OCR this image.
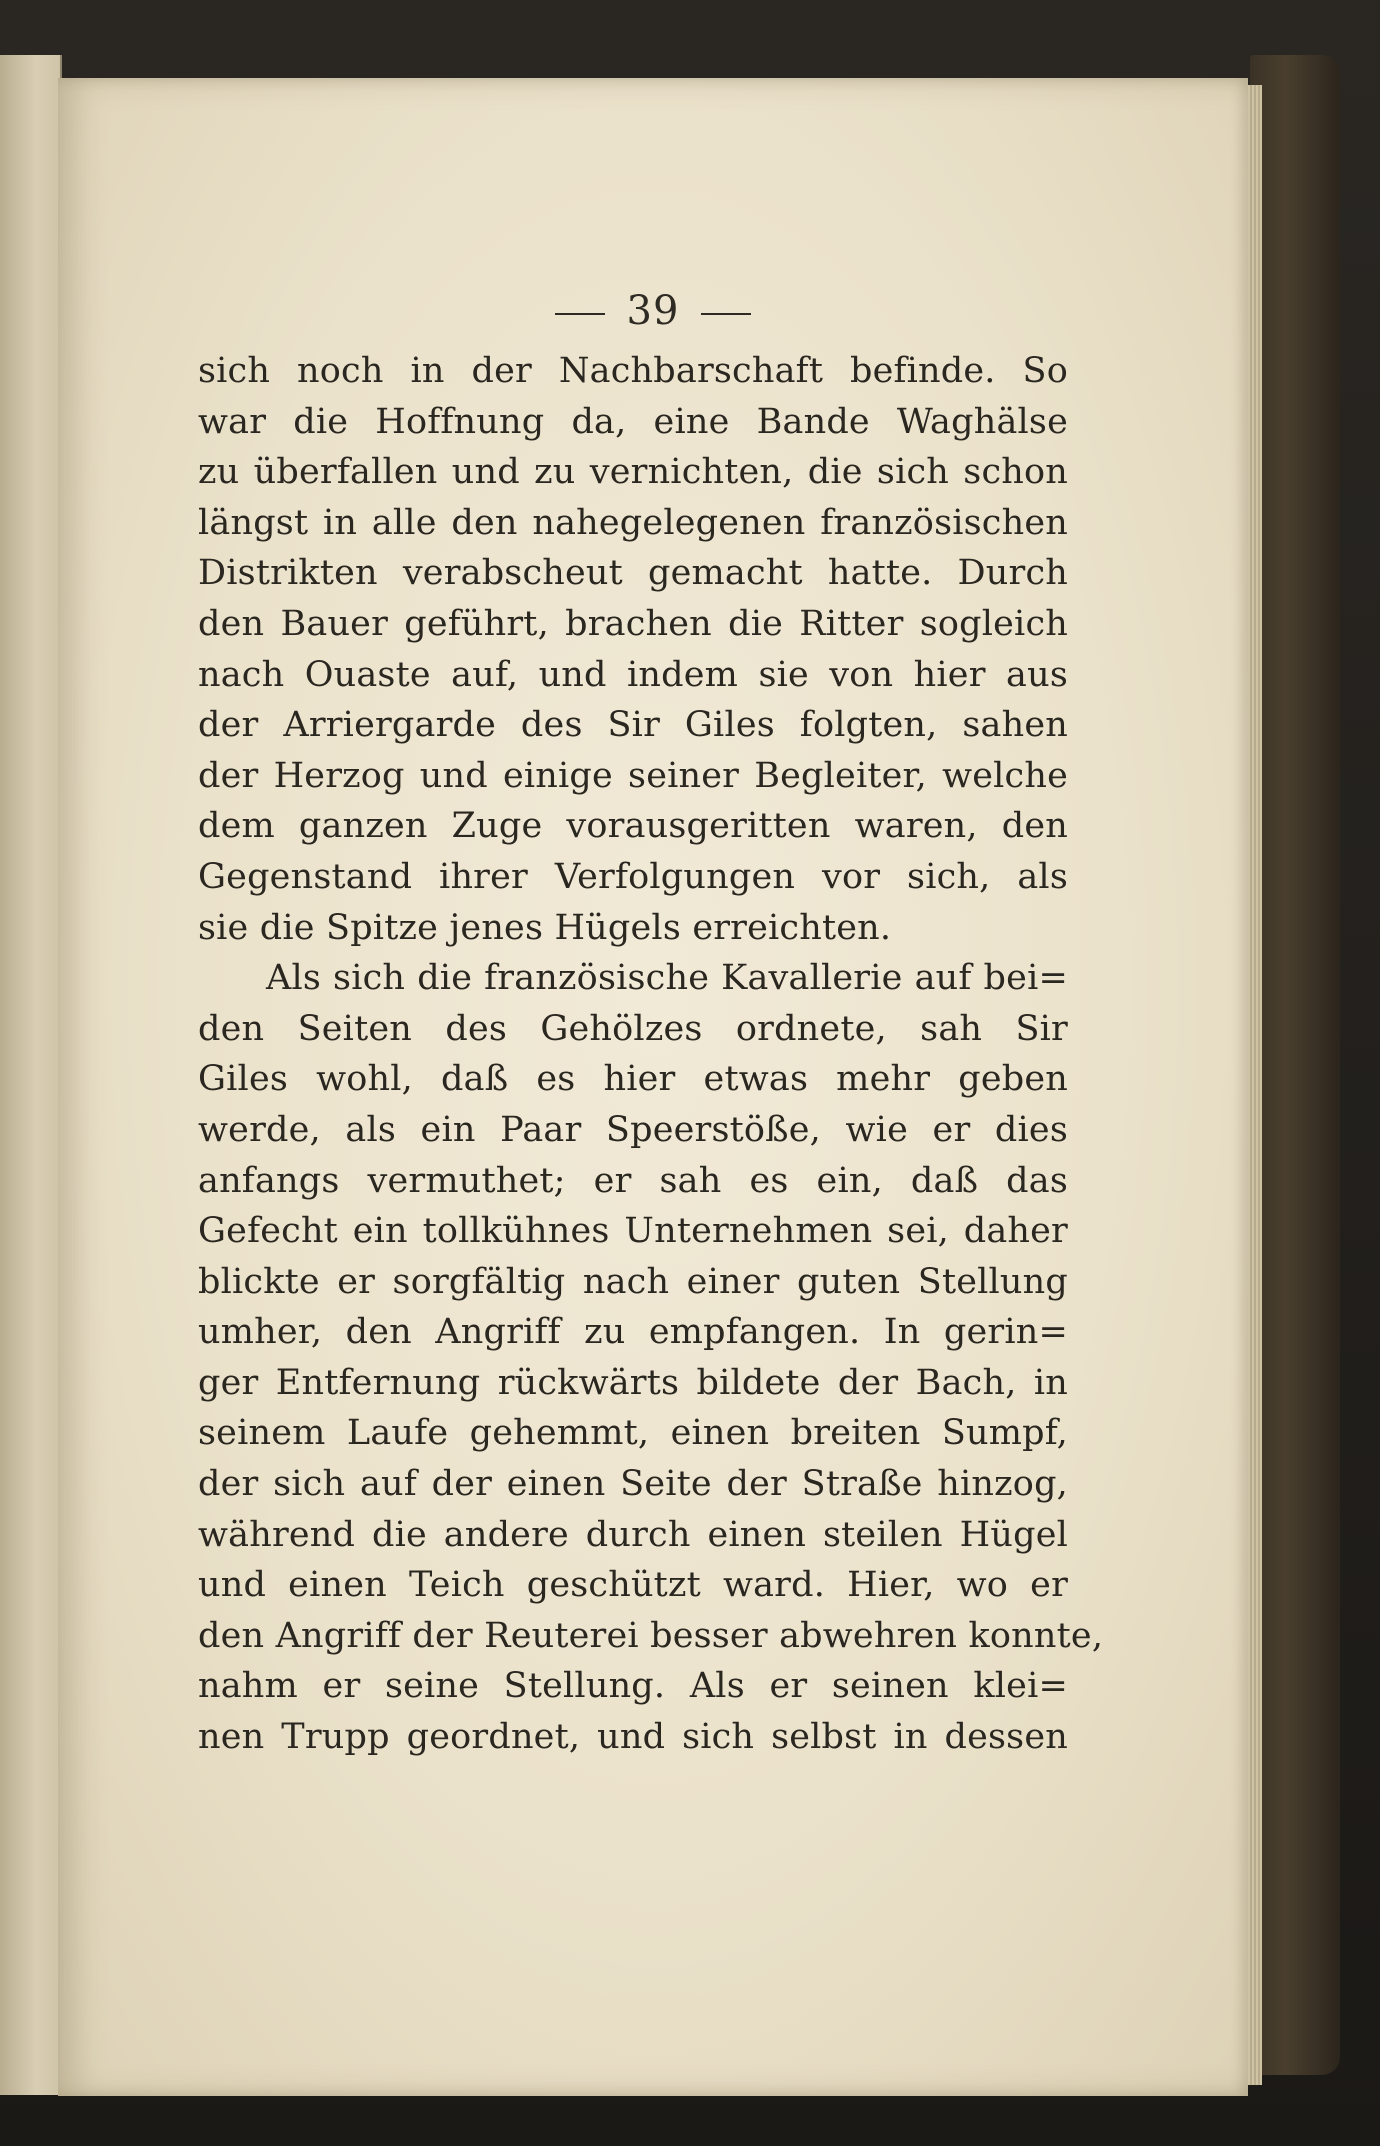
39
sich noch in der Nachbarschaft befinde. So
war die Hoffnung da, eine Bande Waghälse
zu überfallen und zu vernichten, die sich schon
längst in alle den nahegelegenen französischen
Distrikten verabscheut gemacht hatte. Durch
den Bauer geführt, brachen die Ritter sogleich
nach Ouaste auf, und indem sie von hier aus
der Arriergarde des Sir Giles folgten, sahen
der Herzog und einige seiner Begleiter, welche
dem ganzen Zuge vorausgeritten waren, den
Gegenstand ihrer Verfolgungen vor sich, als
sie die Spitze jenes Hügels erreichten.
Als sich die französische Kavallerie auf bei=
den Seiten des Gehölzes ordnete, sah Sir
Giles wohl, daß es hier etwas mehr geben
werde, als ein Paar Speerstöße, wie er dies
anfangs vermuthet; er sah es ein, daß das
Gefecht ein tollkühnes Unternehmen sei, daher
blickte er sorgfältig nach einer guten Stellung
umher, den Angriff zu empfangen. In gerin=
ger Entfernung rückwärts bildete der Bach, in
seinem Laufe gehemmt, einen breiten Sumpf,
der sich auf der einen Seite der Straße hinzog,
während die andere durch einen steilen Hügel
und einen Teich geschützt ward. Hier, wo er
den Angriff der Reuterei besser abwehren konnte,
nahm er seine Stellung. Als er seinen klei=
nen Trupp geordnet, und sich selbst in dessen
